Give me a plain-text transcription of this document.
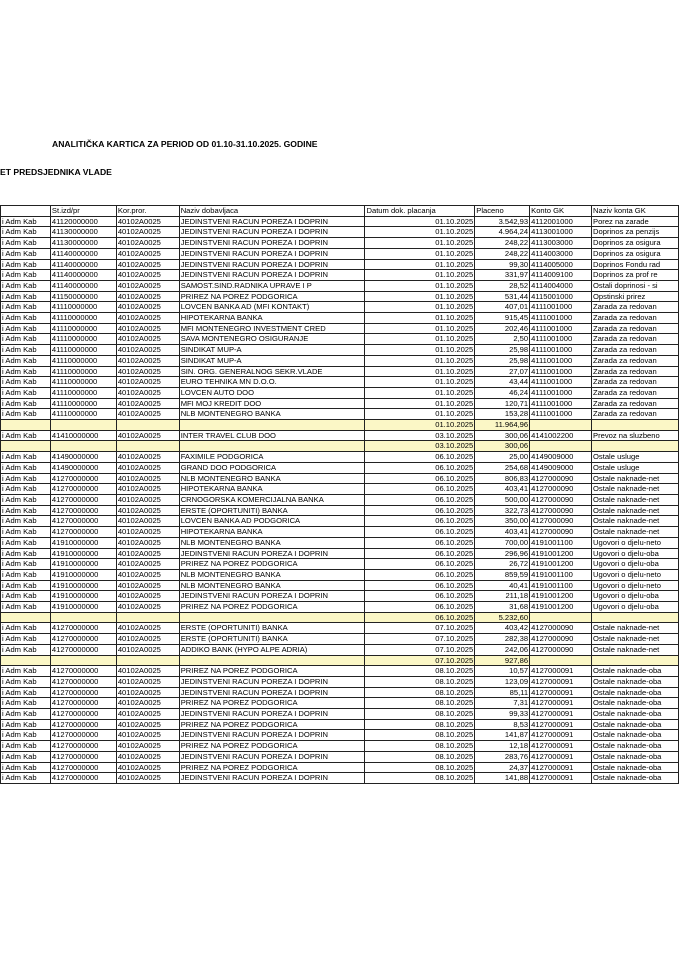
ANALITIČKA KARTICA ZA PERIOD OD 01.10-31.10.2025. GODINE
ET PREDSJEDNIKA VLADE
	St.izd/pr	Kor.pror.	Naziv dobavljaca	Datum dok. placanja	Placeno	Konto GK	Naziv konta GK
i Adm Kab	41120000000	40102A0025	JEDINSTVENI RACUN POREZA I DOPRIN	01.10.2025	3.542,93	4112001000	Porez na zarade
i Adm Kab	41130000000	40102A0025	JEDINSTVENI RACUN POREZA I DOPRIN	01.10.2025	4.964,24	4113001000	Doprinos za penzijs
i Adm Kab	41130000000	40102A0025	JEDINSTVENI RACUN POREZA I DOPRIN	01.10.2025	248,22	4113003000	Doprinos za osigura
i Adm Kab	41140000000	40102A0025	JEDINSTVENI RACUN POREZA I DOPRIN	01.10.2025	248,22	4114003000	Doprinos za osigura
i Adm Kab	41140000000	40102A0025	JEDINSTVENI RACUN POREZA I DOPRIN	01.10.2025	99,30	4114005000	Doprinos Fondu rad
i Adm Kab	41140000000	40102A0025	JEDINSTVENI RACUN POREZA I DOPRIN	01.10.2025	331,97	4114009100	Doprinos za prof re
i Adm Kab	41140000000	40102A0025	SAMOST.SIND.RADNIKA UPRAVE I P	01.10.2025	28,52	4114004000	Ostali doprinosi - si
i Adm Kab	41150000000	40102A0025	PRIREZ NA POREZ PODGORICA	01.10.2025	531,44	4115001000	Opstinski prirez
i Adm Kab	41110000000	40102A0025	LOVCEN BANKA AD (MFI KONTAKT)	01.10.2025	407,01	4111001000	Zarada za redovan
i Adm Kab	41110000000	40102A0025	HIPOTEKARNA BANKA	01.10.2025	915,45	4111001000	Zarada za redovan
i Adm Kab	41110000000	40102A0025	MFI MONTENEGRO INVESTMENT CRED	01.10.2025	202,46	4111001000	Zarada za redovan
i Adm Kab	41110000000	40102A0025	SAVA MONTENEGRO OSIGURANJE	01.10.2025	2,50	4111001000	Zarada za redovan
i Adm Kab	41110000000	40102A0025	SINDIKAT MUP-A	01.10.2025	25,98	4111001000	Zarada za redovan
i Adm Kab	41110000000	40102A0025	SINDIKAT MUP-A	01.10.2025	25,98	4111001000	Zarada za redovan
i Adm Kab	41110000000	40102A0025	SIN. ORG. GENERALNOG SEKR.VLADE	01.10.2025	27,07	4111001000	Zarada za redovan
i Adm Kab	41110000000	40102A0025	EURO TEHNIKA MN D.O.O.	01.10.2025	43,44	4111001000	Zarada za redovan
i Adm Kab	41110000000	40102A0025	LOVCEN AUTO DOO	01.10.2025	46,24	4111001000	Zarada za redovan
i Adm Kab	41110000000	40102A0025	MFI MOJ KREDIT DOO	01.10.2025	120,71	4111001000	Zarada za redovan
i Adm Kab	41110000000	40102A0025	NLB MONTENEGRO BANKA	01.10.2025	153,28	4111001000	Zarada za redovan
				01.10.2025	11.964,96		
i Adm Kab	41410000000	40102A0025	INTER TRAVEL CLUB DOO	03.10.2025	300,06	4141002200	Prevoz na sluzbeno
				03.10.2025	300,06		
i Adm Kab	41490000000	40102A0025	FAXIMILE PODGORICA	06.10.2025	25,00	4149009000	Ostale usluge
i Adm Kab	41490000000	40102A0025	GRAND DOO PODGORICA	06.10.2025	254,68	4149009000	Ostale usluge
i Adm Kab	41270000000	40102A0025	NLB MONTENEGRO BANKA	06.10.2025	806,83	4127000090	Ostale naknade-net
i Adm Kab	41270000000	40102A0025	HIPOTEKARNA BANKA	06.10.2025	403,41	4127000090	Ostale naknade-net
i Adm Kab	41270000000	40102A0025	CRNOGORSKA KOMERCIJALNA BANKA	06.10.2025	500,00	4127000090	Ostale naknade-net
i Adm Kab	41270000000	40102A0025	ERSTE (OPORTUNITI) BANKA	06.10.2025	322,73	4127000090	Ostale naknade-net
i Adm Kab	41270000000	40102A0025	LOVCEN BANKA AD PODGORICA	06.10.2025	350,00	4127000090	Ostale naknade-net
i Adm Kab	41270000000	40102A0025	HIPOTEKARNA BANKA	06.10.2025	403,41	4127000090	Ostale naknade-net
i Adm Kab	41910000000	40102A0025	NLB MONTENEGRO BANKA	06.10.2025	700,00	4191001100	Ugovori o djelu-neto
i Adm Kab	41910000000	40102A0025	JEDINSTVENI RACUN POREZA I DOPRIN	06.10.2025	296,96	4191001200	Ugovori o djelu-oba
i Adm Kab	41910000000	40102A0025	PRIREZ NA POREZ PODGORICA	06.10.2025	26,72	4191001200	Ugovori o djelu-oba
i Adm Kab	41910000000	40102A0025	NLB MONTENEGRO BANKA	06.10.2025	859,59	4191001100	Ugovori o djelu-neto
i Adm Kab	41910000000	40102A0025	NLB MONTENEGRO BANKA	06.10.2025	40,41	4191001100	Ugovori o djelu-neto
i Adm Kab	41910000000	40102A0025	JEDINSTVENI RACUN POREZA I DOPRIN	06.10.2025	211,18	4191001200	Ugovori o djelu-oba
i Adm Kab	41910000000	40102A0025	PRIREZ NA POREZ PODGORICA	06.10.2025	31,68	4191001200	Ugovori o djelu-oba
				06.10.2025	5.232,60		
i Adm Kab	41270000000	40102A0025	ERSTE (OPORTUNITI) BANKA	07.10.2025	403,42	4127000090	Ostale naknade-net
i Adm Kab	41270000000	40102A0025	ERSTE (OPORTUNITI) BANKA	07.10.2025	282,38	4127000090	Ostale naknade-net
i Adm Kab	41270000000	40102A0025	ADDIKO BANK (HYPO ALPE ADRIA)	07.10.2025	242,06	4127000090	Ostale naknade-net
				07.10.2025	927,86		
i Adm Kab	41270000000	40102A0025	PRIREZ NA POREZ PODGORICA	08.10.2025	10,57	4127000091	Ostale naknade-oba
i Adm Kab	41270000000	40102A0025	JEDINSTVENI RACUN POREZA I DOPRIN	08.10.2025	123,09	4127000091	Ostale naknade-oba
i Adm Kab	41270000000	40102A0025	JEDINSTVENI RACUN POREZA I DOPRIN	08.10.2025	85,11	4127000091	Ostale naknade-oba
i Adm Kab	41270000000	40102A0025	PRIREZ NA POREZ PODGORICA	08.10.2025	7,31	4127000091	Ostale naknade-oba
i Adm Kab	41270000000	40102A0025	JEDINSTVENI RACUN POREZA I DOPRIN	08.10.2025	99,33	4127000091	Ostale naknade-oba
i Adm Kab	41270000000	40102A0025	PRIREZ NA POREZ PODGORICA	08.10.2025	8,53	4127000091	Ostale naknade-oba
i Adm Kab	41270000000	40102A0025	JEDINSTVENI RACUN POREZA I DOPRIN	08.10.2025	141,87	4127000091	Ostale naknade-oba
i Adm Kab	41270000000	40102A0025	PRIREZ NA POREZ PODGORICA	08.10.2025	12,18	4127000091	Ostale naknade-oba
i Adm Kab	41270000000	40102A0025	JEDINSTVENI RACUN POREZA I DOPRIN	08.10.2025	283,76	4127000091	Ostale naknade-oba
i Adm Kab	41270000000	40102A0025	PRIREZ NA POREZ PODGORICA	08.10.2025	24,37	4127000091	Ostale naknade-oba
i Adm Kab	41270000000	40102A0025	JEDINSTVENI RACUN POREZA I DOPRIN	08.10.2025	141,88	4127000091	Ostale naknade-oba
